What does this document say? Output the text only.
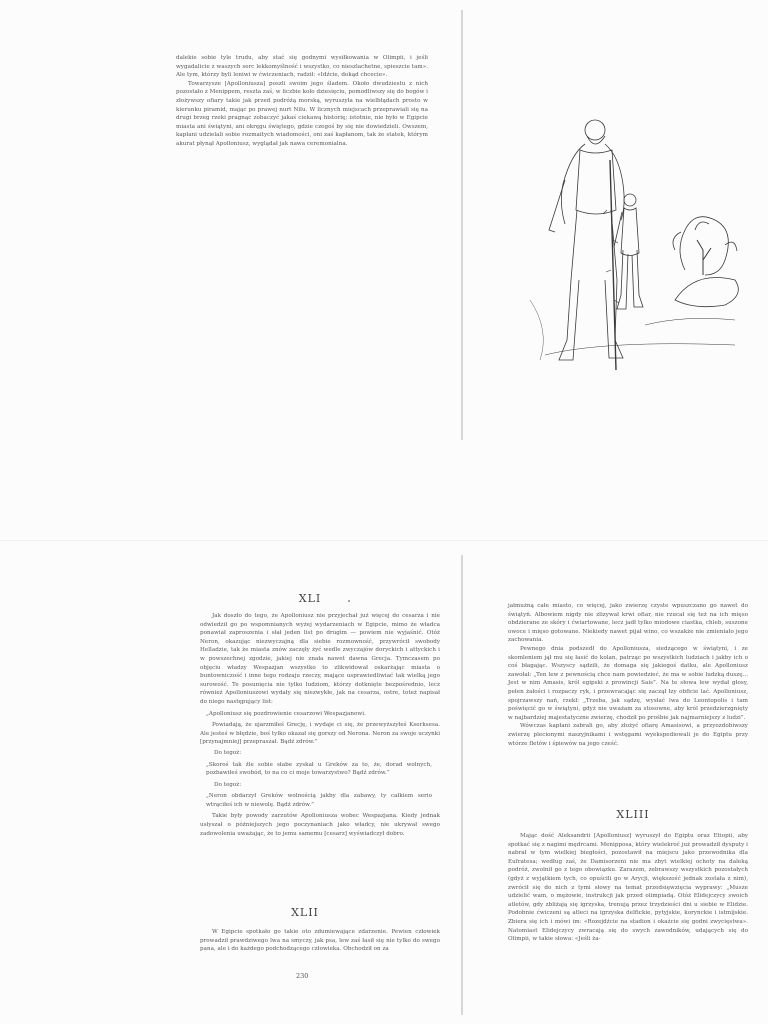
dalekie sobie tyle trudu, aby stać się godnymi wysiłkowania w Olimpii, i jeśli wygadalicie z waszych serc lekkomyślność i wszystko, co nieszlachetne, spieszcie tam». Ale tym, którzy byli leniwi w ćwiczeniach, radził: «Idźcie, dokąd chcecie».

Towarzysze [Apolloniusza] poszli swoim jego śladem. Około dwudziestu z nich pozostało z Menippem, reszta zaś, w liczbie koło dziesięciu, pomodliwszy się do bogów i złożywszy ofiary takie jak przed podróżą morską, wyruszyła na wielbłądach prosto w kierunku piramid, mając po prawej nurt Nilu. W licznych miejscach przeprawiali się na drugi brzeg rzeki pragnąc zobaczyć jakaś ciekawą historię; istotnie, nie było w Egipcie miasta ani świątyni, ani okręgu świętego, gdzie czegoś by się nie dowiedzieli. Owszem, kapłani udzielali sobie rozmaitych wiadomości, oni zaś kapłanom, tak że statek, którym akurat płynął Apolloniusz, wyglądał jak nawa ceremonialna.

XLI

Jak doszło do tego, że Apolloniusz nie przyjechał już więcej do cesarza i nie odwiedził go po wspomnianych wyżej wydarzeniach w Egipcie, mimo że władca ponawiał zaproszenia i słał jeden list po drugim — powiem nie wyjaśnić. Otóż Neron, okazując niezwyczajną dla siebie rozmowność, przywrócił swobody Helladzie, tak że miasta znów zaczęły żyć wedle zwyczajów doryckich i attyckich i w powszechnej zgodzie, jakiej nie znała nawet dawna Grecja. Tymczasem po objęciu władzy Wespazjan wszystko to zlikwidował oskarżając miasta o buntowniczość i inne tego rodzaju rzeczy, mające usprawiedliwiać tak wielką jego surowość. Te posunięcia nie tylko ludziom, którzy dotknięte bezpośrednio, lecz również Apolloniuszowi wydały się niezwykłe, jak na cesarza, ostre, toteż napisał do niego następujący list:

„Apolloniusz się pozdrowienie cesarzowi Wespazjanowi.

Powiadają, że ujarzmiłeś Grecję, i wydaje ci się, że przewyższyłeś Kserksesa. Ale jesteś w błędzie, boś tylko okazał się gorszy od Nerona. Neron za swoje uczynki [przynajmniej] przepraszał. Bądź zdrów.”

Do tegoż:

„Skoroś tak źle sobie słabe zyskał u Greków za to, że, dorad wolnych, pozbawiłeś swobód, to na co ci moje towarzystwo? Bądź zdrów.”

Do tegoż:

„Neron obdarzył Greków wolnością jakby dla zabawy, ty całkiem serio wtrąciłeś ich w niewolę. Bądź zdrów.”

Takie były powody zarzutów Apolloniusza wobec Wespazjana. Kiedy jednak usłyszał o późniejszych jego poczynaniach jako władcy, nie ukrywał swego zadowolenia uważając, że to jemu samemu [cesarz] wyświadczył dobro.

XLII

W Egipcie spotkało go takie oto zdumiewające zdarzenie. Pewien człowiek prowadził prawdziwego lwa na smyczy, jak psa, lew zaś łasił się nie tylko do swego pana, ale i do każdego podchodzącego człowieka. Obchodził on za

230

jałmużną całe miasto, co więcej, jako zwierzę czyste wpuszczano go nawet do świątyń. Albowiem nigdy nie zlizywał krwi ofiar, nie rzucał się też na ich mięso obdzierane ze skóry i ćwiartowane, lecz jadł tylko miodowe ciastka, chleb, suszone owoce i mięso gotowane. Niekiedy nawet pijał wino, co wszakże nie zmieniało jego zachowania.

Pewnego dnia podszedł do Apolloniusza, siedzącego w świątyni, i ze skomleniem jął mu się łasić do kolan, patrząc po wszystkich ludziach i jakby ich o coś błagając. Wszyscy sądzili, że domaga się jakiegoś datku, ale Apolloniusz zawołał: „Ten lew z pewnością chce nam powiedzieć, że ma w sobie ludzką duszę... Jest w nim Amasis, król egipski z prowincji Sais”. Na te słowa lew wydał głosy, pełen żałości i rozpaczy ryk, i przewracając się zaczął łzy obficie lać. Apolloniusz, spojrzawszy nań, rzekł: „Trzeba, jak sądzę, wysłać lwa do Leontopolis i tam poświęcić go w świątyni, gdyż nie uważam za stosowne, aby król przedzierzgnięty w najbardziej majestatyczne zwierzę, chodził po prośbie jak najmarniejszy z ludzi”.

Wówczas kapłani zabrali go, aby złożyć ofiarę Amasisowi, a przyozdobiwszy zwierzę plecionymi naszyjnikami i wstęgami wyekspediowali je do Egiptu przy wtórze fletów i śpiewów na jego cześć.

XLIII

Mając dość Aleksandrii [Apolloniusz] wyruszył do Egiptu oraz Etiopii, aby spotkać się z nagimi mędrcami. Menipposa, który wielekroć już prowadził dysputy i nabrał w tym wielkiej biegłości, pozostawił na miejscu jako przewodnika dla Eufratesa; według zaś, że Damisorzeni nie ma zbyt wielkiej ochoty na daleką podróż, zwolnił go z tego obowiązku. Zarazem, zebrawszy wszystkich pozostałych (gdyż z wyjątkiem tych, co opuścili go w Arycji, większość jednak została z nim), zwrócił się do nich z tymi słowy na temat przedsięwzięcia wyprawy: „Musze udzielić wam, o mężowie, instrukcji jak przed olimpiadą. Otóż Elidejczycy swoich atletów, gdy zbliżają się igrzyska, trenują przez trzydzieści dni u siebie w Elidzie. Podobnie ćwiczeni są atleci na igrzyska delfickie, pytyjskie, korynckie i istmijskie. Zbiera się ich i mówi im: «Rozejdźcie na stadion i okażcie się godni zwycięstwa». Natomiast Elidejczycy zwracają się do swych zawodników, udających się do Olimpii, w takie słowa: «Jeśli ża-
